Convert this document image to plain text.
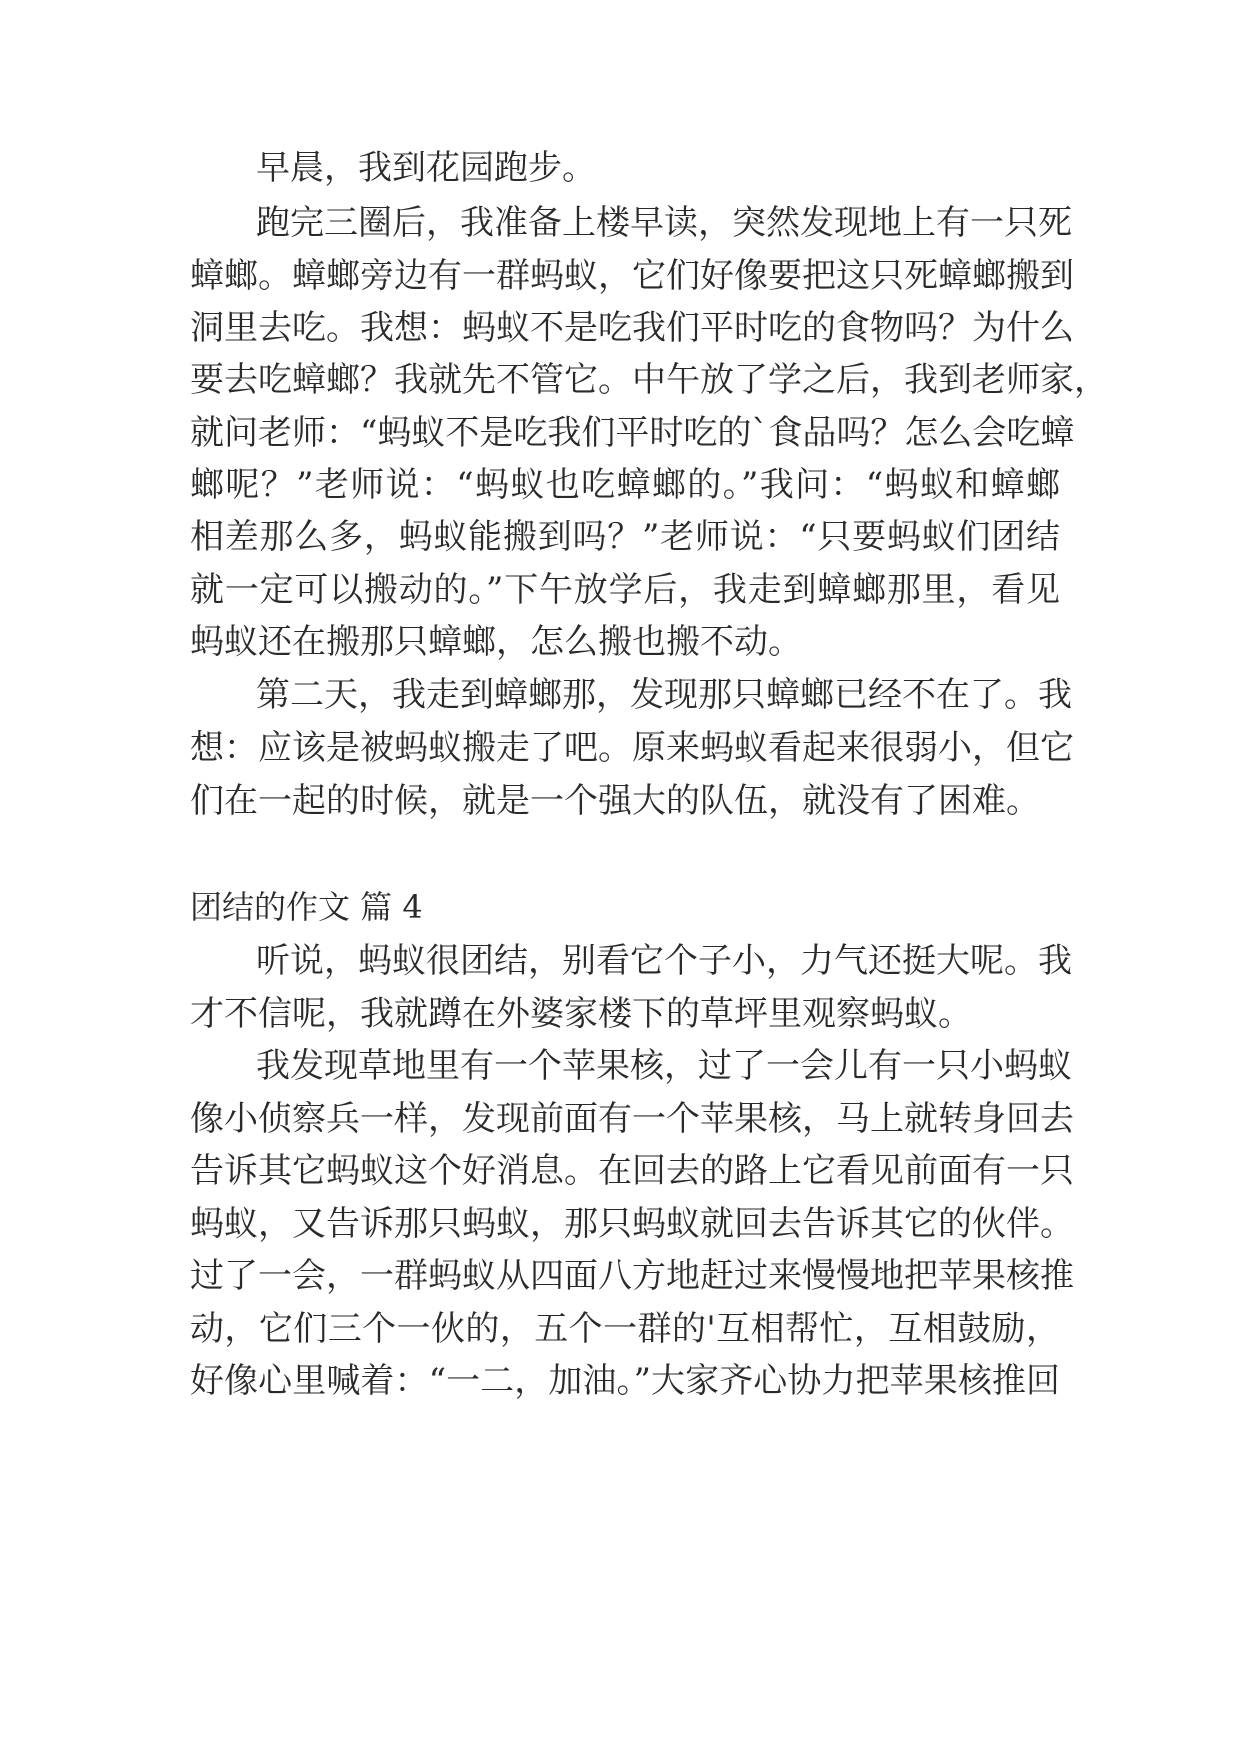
早晨，我到花园跑步。
跑完三圈后，我准备上楼早读，突然发现地上有一只死
蟑螂。蟑螂旁边有一群蚂蚁，它们好像要把这只死蟑螂搬到
洞里去吃。我想：蚂蚁不是吃我们平时吃的食物吗？为什么
要去吃蟑螂？我就先不管它。中午放了学之后，我到老师家，
就问老师：“蚂蚁不是吃我们平时吃的`食品吗？怎么会吃蟑
螂呢？”老师说：“蚂蚁也吃蟑螂的。”我问：“蚂蚁和蟑螂
相差那么多，蚂蚁能搬到吗？”老师说：“只要蚂蚁们团结
就一定可以搬动的。”下午放学后，我走到蟑螂那里，看见
蚂蚁还在搬那只蟑螂，怎么搬也搬不动。
第二天，我走到蟑螂那，发现那只蟑螂已经不在了。我
想：应该是被蚂蚁搬走了吧。原来蚂蚁看起来很弱小，但它
们在一起的时候，就是一个强大的队伍，就没有了困难。
团结的作文 篇 4
听说，蚂蚁很团结，别看它个子小，力气还挺大呢。我
才不信呢，我就蹲在外婆家楼下的草坪里观察蚂蚁。
我发现草地里有一个苹果核，过了一会儿有一只小蚂蚁
像小侦察兵一样，发现前面有一个苹果核，马上就转身回去
告诉其它蚂蚁这个好消息。在回去的路上它看见前面有一只
蚂蚁，又告诉那只蚂蚁，那只蚂蚁就回去告诉其它的伙伴。
过了一会，一群蚂蚁从四面八方地赶过来慢慢地把苹果核推
动，它们三个一伙的，五个一群的'互相帮忙，互相鼓励，
好像心里喊着：“一二，加油。”大家齐心协力把苹果核推回
